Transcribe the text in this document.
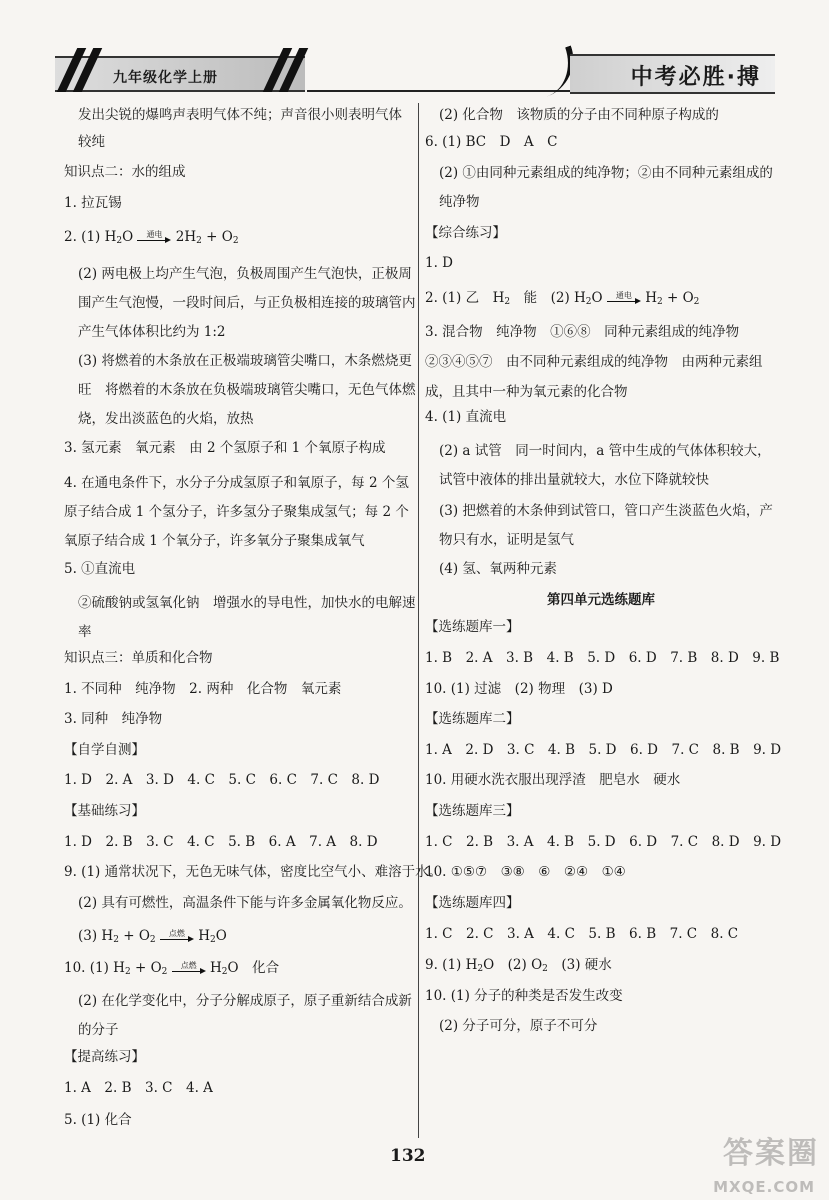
九年级化学上册	中考必胜·搏
发出尖锐的爆鸣声表明气体不纯；声音很小则表明气体
较纯
知识点二：水的组成
1. 拉瓦锡
2. (1) $H_2O$	通电 $2H_2 + O_2$
(2) 两电极上均产生气泡，负极周围产生气泡快，正极周围产生气泡慢，一段时间后，与正负极相连接的玻璃管内产生气体体积比约为 1:2
(3) 将燃着的木条放在正极端玻璃管尖嘴口，木条燃烧更旺　将燃着的木条放在负极端玻璃管尖嘴口，无色气体燃烧，发出淡蓝色的火焰，放热
3. 氢元素　氧元素　由 2 个氢原子和 1 个氧原子构成
4. 在通电条件下，水分子分成氢原子和氧原子，每 2 个氢原子结合成 1 个氢分子，许多氢分子聚集成氢气；每 2 个氧原子结合成 1 个氧分子，许多氧分子聚集成氧气
5. ①直流电
②硫酸钠或氢氧化钠　增强水的导电性，加快水的电解速率
知识点三：单质和化合物
1. 不同种　纯净物　2. 两种　化合物　氧元素
3. 同种　纯净物
【自学自测】
1. D　2. A　3. D　4. C　5. C　6. C　7. C　8. D
【基础练习】
1. D　2. B　3. C　4. C　5. B　6. A　7. A　8. D
9. (1) 通常状况下，无色无味气体，密度比空气小、难溶于水。
(2) 具有可燃性，高温条件下能与许多金属氧化物反应。
(3) $H_2 + O_2$
点燃 $H_2O$
10. (1) $H_2 + O_2$
点燃 $H_2O$　化合
(2) 在化学变化中，分子分解成原子，原子重新结合成新的分子
【提高练习】
1. A　2. B　3. C　4. A
5. (1) 化合
(2) 化合物　该物质的分子由不同种原子构成的
6. (1) BC　D　A　C
(2) ①由同种元素组成的纯净物；②由不同种元素组成的纯净物
【综合练习】
1. D
2. (1) 乙　$H_2$　能　(2) $H_2O$	通电 $H_2 + O_2$
3. 混合物　纯净物　①⑥⑧　同种元素组成的纯净物　②③④⑤⑦　由不同种元素组成的纯净物　由两种元素组成，且其中一种为氧元素的化合物
4. (1) 直流电
(2) a 试管　同一时间内，a 管中生成的气体体积较大，试管中液体的排出量就较大，水位下降就较快
(3) 把燃着的木条伸到试管口，管口产生淡蓝色火焰，产物只有水，证明是氢气
(4) 氢、氧两种元素
第四单元选练题库
【选练题库一】
1. B　2. A　3. B　4. B　5. D　6. D　7. B　8. D　9. B
10. (1) 过滤　(2) 物理　(3) D
【选练题库二】
1. A　2. D　3. C　4. B　5. D　6. D　7. C　8. B　9. D
10. 用硬水洗衣服出现浮渣　肥皂水　硬水
【选练题库三】
1. C　2. B　3. A　4. B　5. D　6. D　7. C　8. D　9. D
10. ①⑤⑦　③⑧　⑥　②④　①④
【选练题库四】
1. C　2. C　3. A　4. C　5. B　6. B　7. C　8. C
9. (1) $H_2O$　(2) $O_2$　(3) 硬水
10. (1) 分子的种类是否发生改变
(2) 分子可分，原子不可分
132	答案圈
MXQE.COM
